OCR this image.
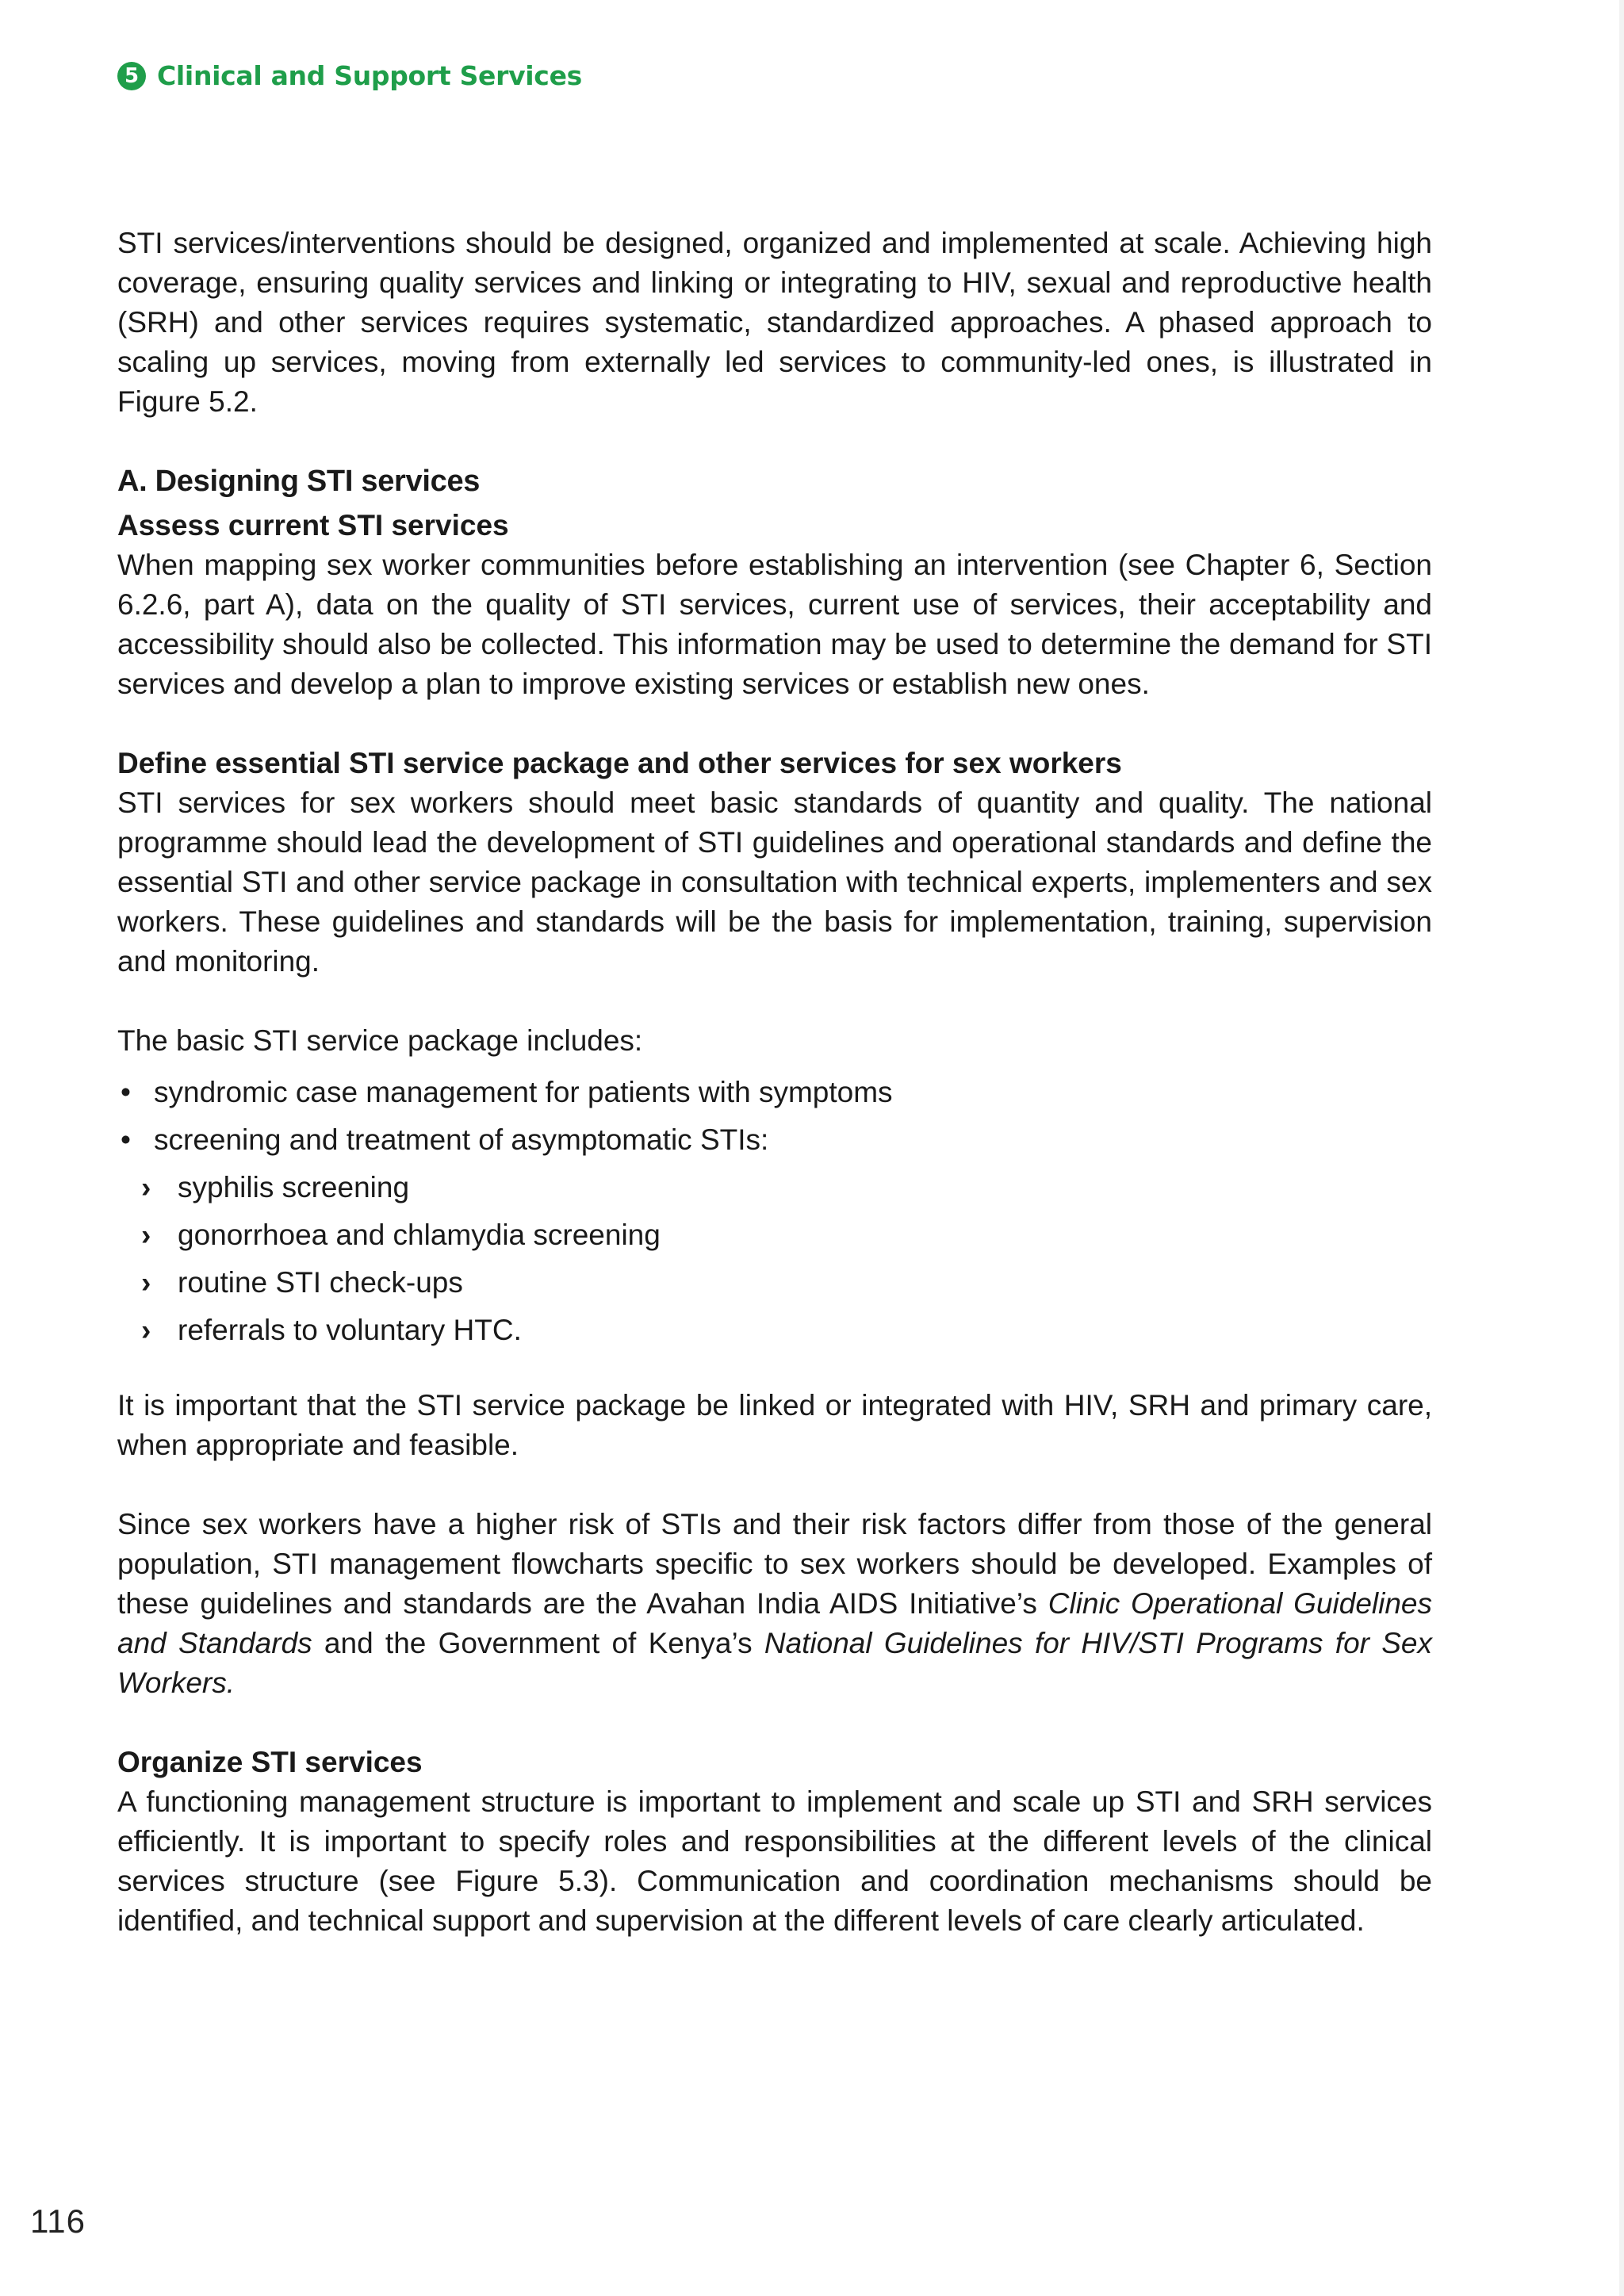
5 Clinical and Support Services

STI services/interventions should be designed, organized and implemented at scale. Achieving high coverage, ensuring quality services and linking or integrating to HIV, sexual and reproductive health (SRH) and other services requires systematic, standardized approaches. A phased approach to scaling up services, moving from externally led services to community-led ones, is illustrated in Figure 5.2.

A. Designing STI services
Assess current STI services

When mapping sex worker communities before establishing an intervention (see Chapter 6, Section 6.2.6, part A), data on the quality of STI services, current use of services, their acceptability and accessibility should also be collected. This information may be used to determine the demand for STI services and develop a plan to improve existing services or establish new ones.

Define essential STI service package and other services for sex workers

STI services for sex workers should meet basic standards of quantity and quality. The national programme should lead the development of STI guidelines and operational standards and define the essential STI and other service package in consultation with technical experts, implementers and sex workers. These guidelines and standards will be the basis for implementation, training, supervision and monitoring.

The basic STI service package includes:

• syndromic case management for patients with symptoms
• screening and treatment of asymptomatic STIs:
› syphilis screening
› gonorrhoea and chlamydia screening
› routine STI check-ups
› referrals to voluntary HTC.

It is important that the STI service package be linked or integrated with HIV, SRH and primary care, when appropriate and feasible.

Since sex workers have a higher risk of STIs and their risk factors differ from those of the general population, STI management flowcharts specific to sex workers should be developed. Examples of these guidelines and standards are the Avahan India AIDS Initiative’s Clinic Operational Guidelines and Standards and the Government of Kenya’s National Guidelines for HIV/STI Programs for Sex Workers.

Organize STI services

A functioning management structure is important to implement and scale up STI and SRH services efficiently. It is important to specify roles and responsibilities at the different levels of the clinical services structure (see Figure 5.3). Communication and coordination mechanisms should be identified, and technical support and supervision at the different levels of care clearly articulated.

116
